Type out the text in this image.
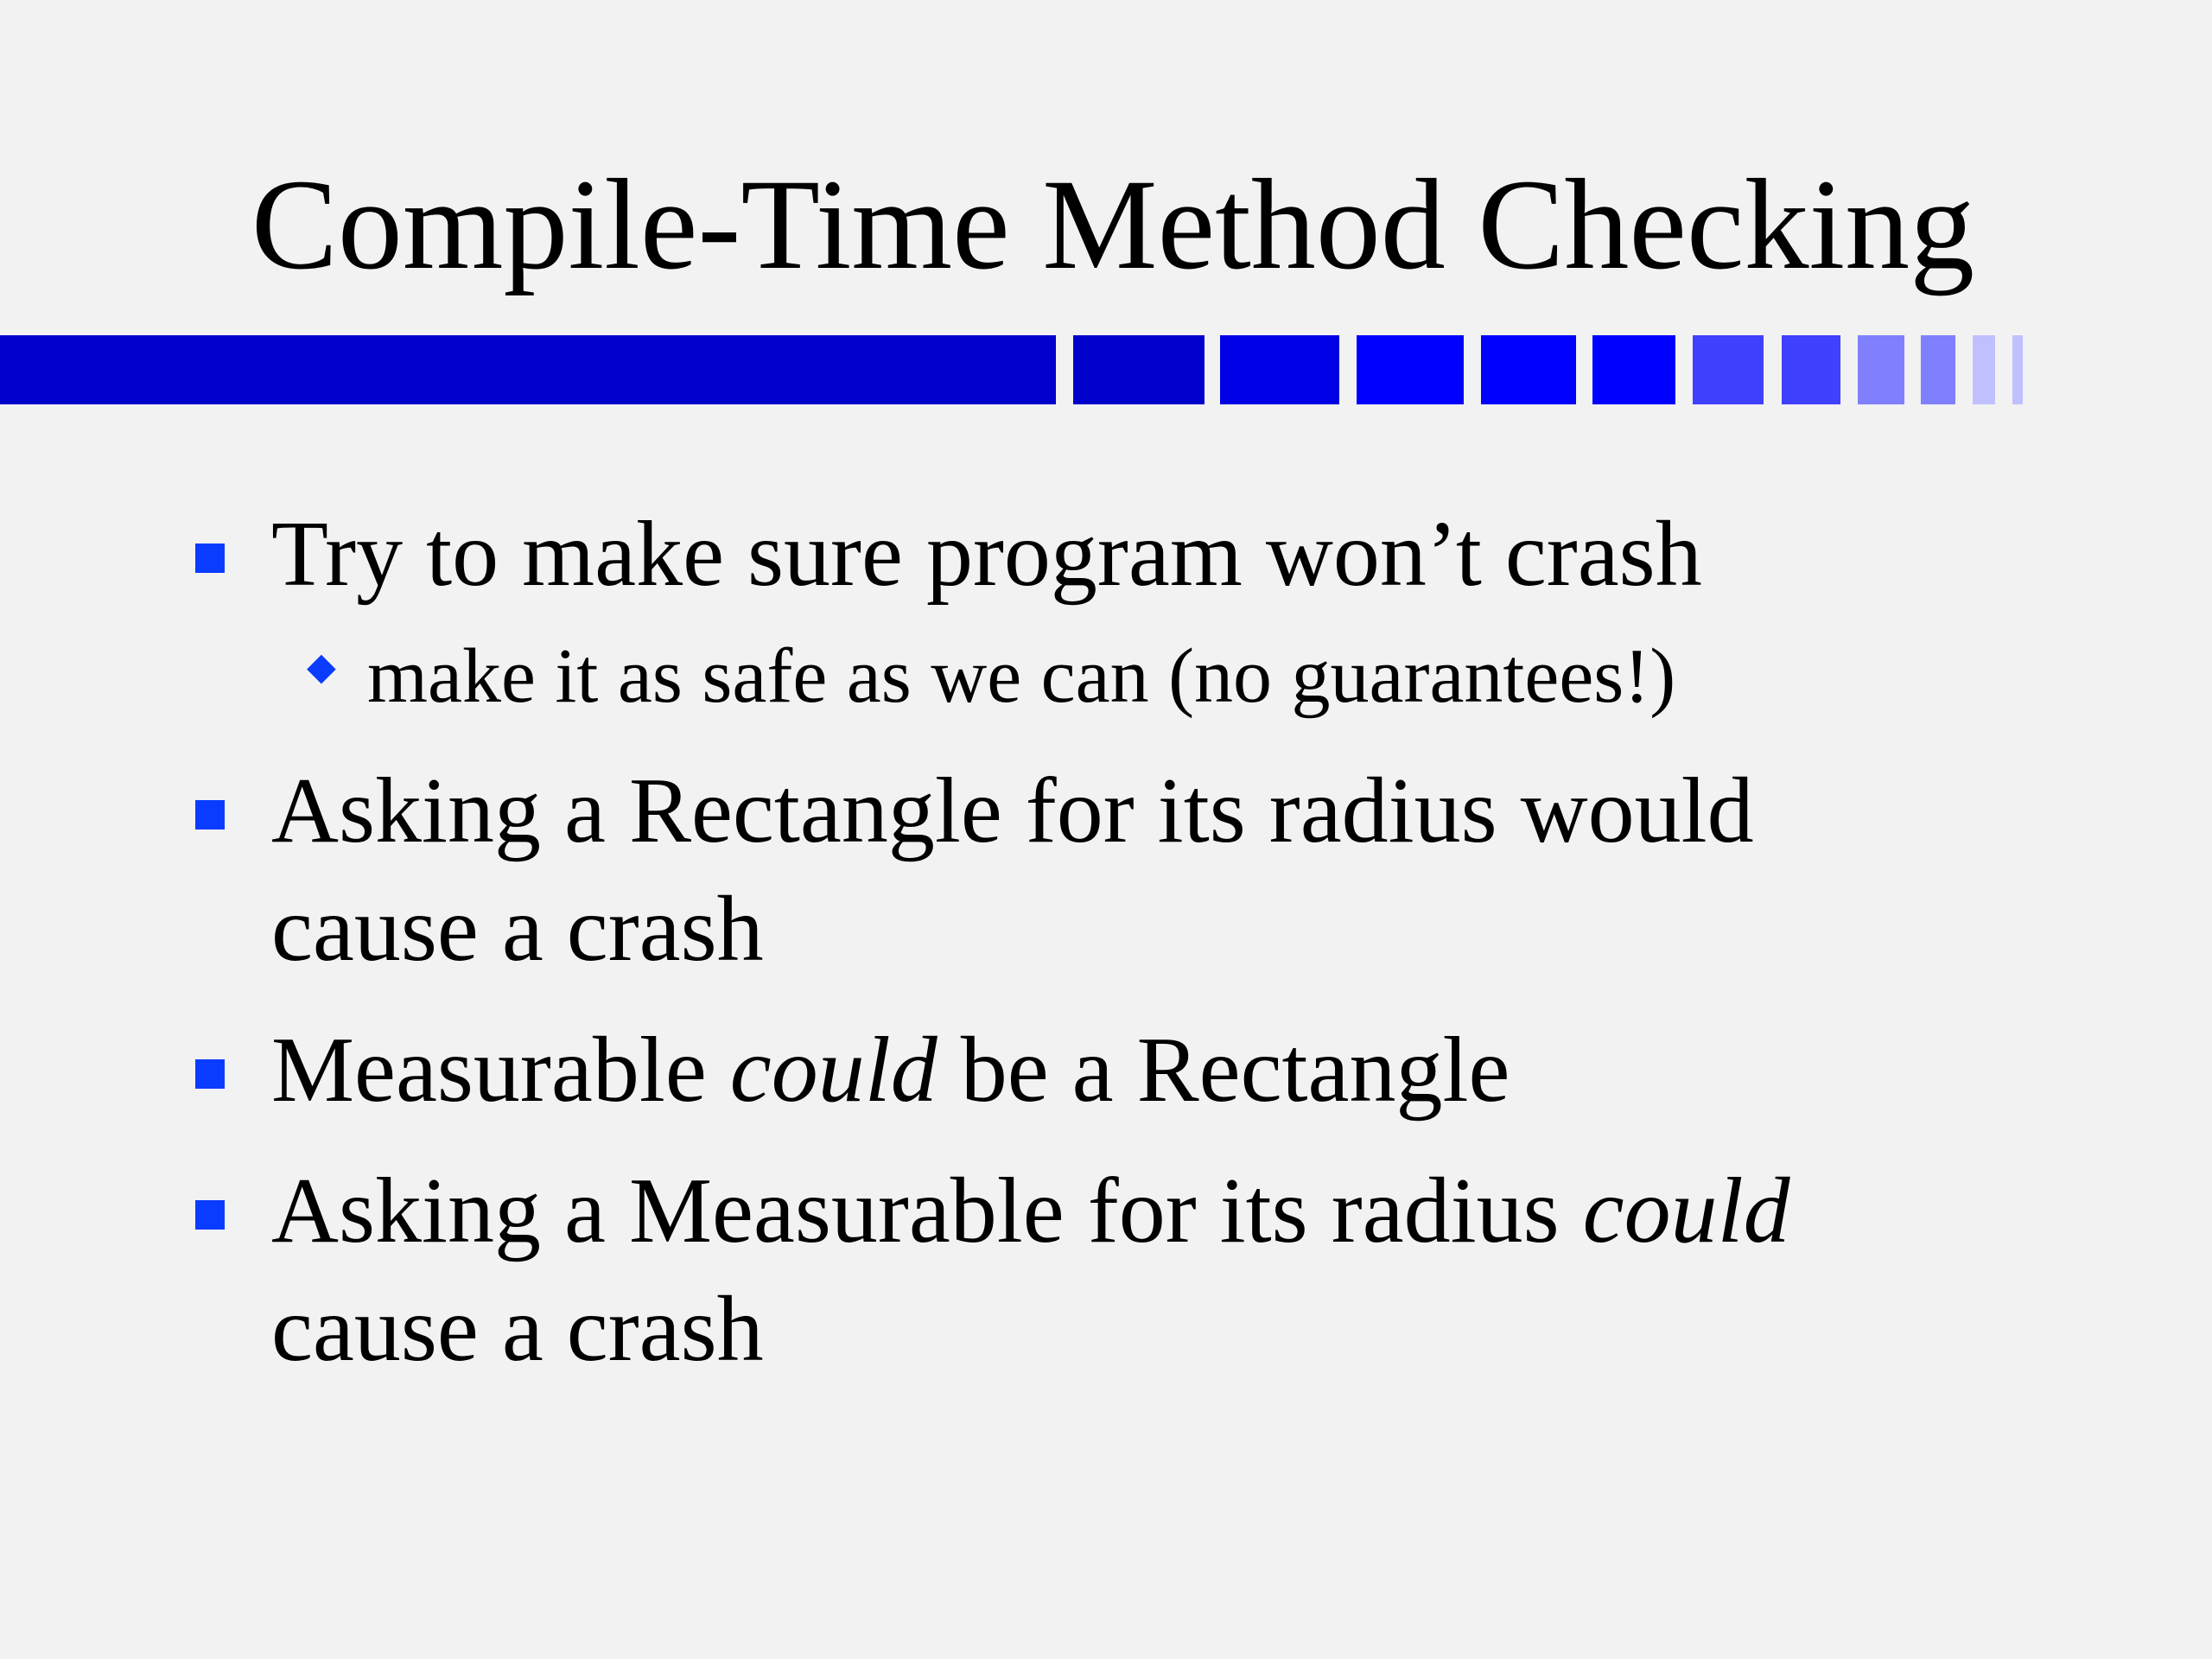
Compile-Time Method Checking
Try to make sure program won’t crash
◆ make it as safe as we can (no guarantees!)
Asking a Rectangle for its radius would
cause a crash
Measurable could be a Rectangle
Asking a Measurable for its radius could
cause a crash
